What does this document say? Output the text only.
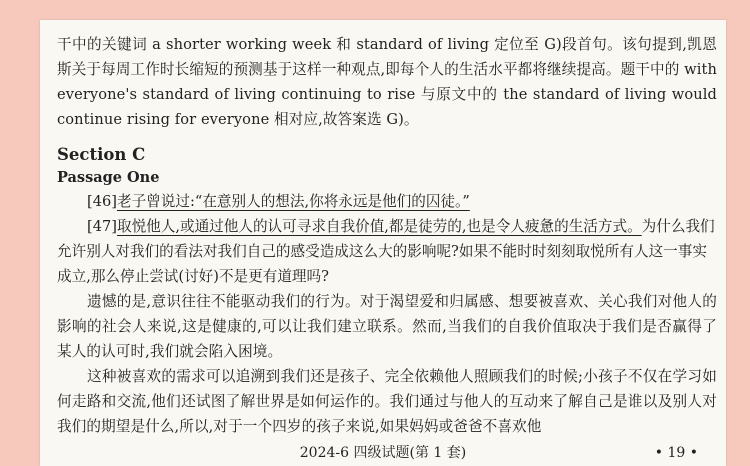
干中的关键词 a shorter working week 和 standard of living 定位至 G)段首句。该句提到,凯恩斯关于每周工作时长缩短的预测基于这样一种观点,即每个人的生活水平都将继续提高。题干中的 with everyone's standard of living continuing to rise 与原文中的 the standard of living would continue rising for everyone 相对应,故答案选 G)。

Section C
Passage One

[46]老子曾说过:“在意别人的想法,你将永远是他们的囚徒。”

[47]取悦他人,或通过他人的认可寻求自我价值,都是徒劳的,也是令人疲惫的生活方式。为什么我们允许别人对我们的看法对我们自己的感受造成这么大的影响呢?如果不能时时刻刻取悦所有人这一事实成立,那么停止尝试(讨好)不是更有道理吗?

遗憾的是,意识往往不能驱动我们的行为。对于渴望爱和归属感、想要被喜欢、关心我们对他人的影响的社会人来说,这是健康的,可以让我们建立联系。然而,当我们的自我价值取决于我们是否赢得了某人的认可时,我们就会陷入困境。

这种被喜欢的需求可以追溯到我们还是孩子、完全依赖他人照顾我们的时候;小孩子不仅在学习如何走路和交流,他们还试图了解世界是如何运作的。我们通过与他人的互动来了解自己是谁以及别人对我们的期望是什么,所以,对于一个四岁的孩子来说,如果妈妈或爸爸不喜欢他

2024-6 四级试题(第 1 套)	• 19 •
